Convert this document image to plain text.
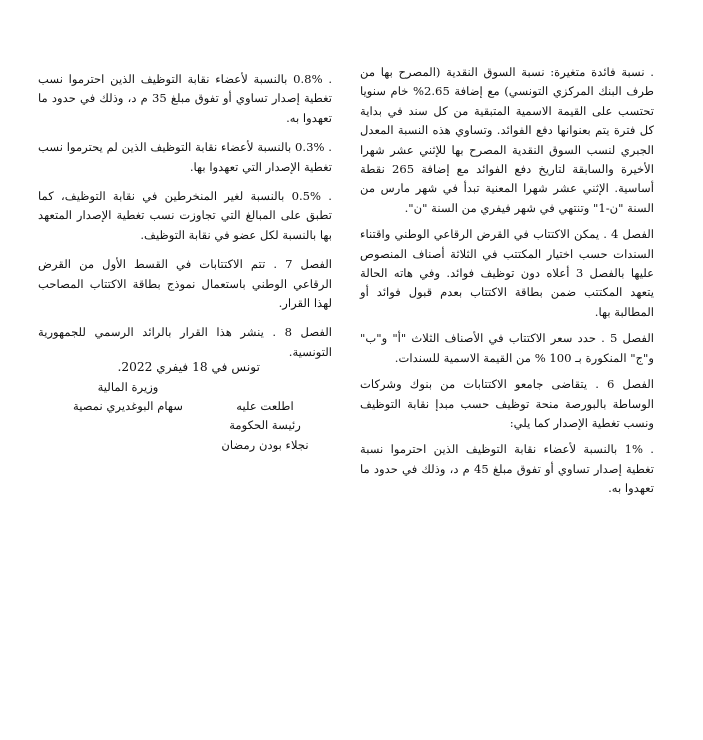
. نسبة فائدة متغيرة: نسبة السوق النقدية (المصرح بها من طرف البنك المركزي التونسي) مع إضافة 2.65% خام سنويا تحتسب على القيمة الاسمية المتبقية من كل سند في بداية كل فترة يتم بعنوانها دفع الفوائد. وتساوي هذه النسبة المعدل الجبري لنسب السوق النقدية المصرح بها للإثني عشر شهرا الأخيرة والسابقة لتاريخ دفع الفوائد مع إضافة 265 نقطة أساسية. الإثني عشر شهرا المعنية تبدأ في شهر مارس من السنة "ن-1" وتنتهي في شهر فيفري من السنة "ن".

الفصل 4 . يمكن الاكتتاب في القرض الرقاعي الوطني واقتناء السندات حسب اختيار المكتتب في الثلاثة أصناف المنصوص عليها بالفصل 3 أعلاه دون توظيف فوائد. وفي هاته الحالة يتعهد المكتتب ضمن بطاقة الاكتتاب بعدم قبول فوائد أو المطالبة بها.

الفصل 5 . حدد سعر الاكتتاب في الأصناف الثلاث "أ" و"ب" و"ج" المنكورة بـ 100 % من القيمة الاسمية للسندات.

الفصل 6 . يتقاضى جامعو الاكتتابات من بنوك وشركات الوساطة بالبورصة منحة توظيف حسب مبدإ نقابة التوظيف ونسب تغطية الإصدار كما يلي:

. 1% بالنسبة لأعضاء نقابة التوظيف الذين احترموا نسبة تغطية إصدار تساوي أو تفوق مبلغ 45 م د، وذلك في حدود ما تعهدوا به.

. 0.8% بالنسبة لأعضاء نقابة التوظيف الذين احترموا نسب تغطية إصدار تساوي أو تفوق مبلغ 35 م د، وذلك في حدود ما تعهدوا به.

. 0.3% بالنسبة لأعضاء نقابة التوظيف الذين لم يحترموا نسب تغطية الإصدار التي تعهدوا بها.

. 0.5% بالنسبة لغير المنخرطين في نقابة التوظيف، كما تطبق على المبالغ التي تجاوزت نسب تغطية الإصدار المتعهد بها بالنسبة لكل عضو في نقابة التوظيف.

الفصل 7 . تتم الاكتتابات في القسط الأول من القرض الرقاعي الوطني باستعمال نموذج بطاقة الاكتتاب المصاحب لهذا القرار.

الفصل 8 . ينشر هذا القرار بالرائد الرسمي للجمهورية التونسية.

تونس في 18 فيفري 2022.
وزيرة المالية
سهام البوغديري نمصية	اطلعت عليه
رئيسة الحكومة
نجلاء بودن رمضان
